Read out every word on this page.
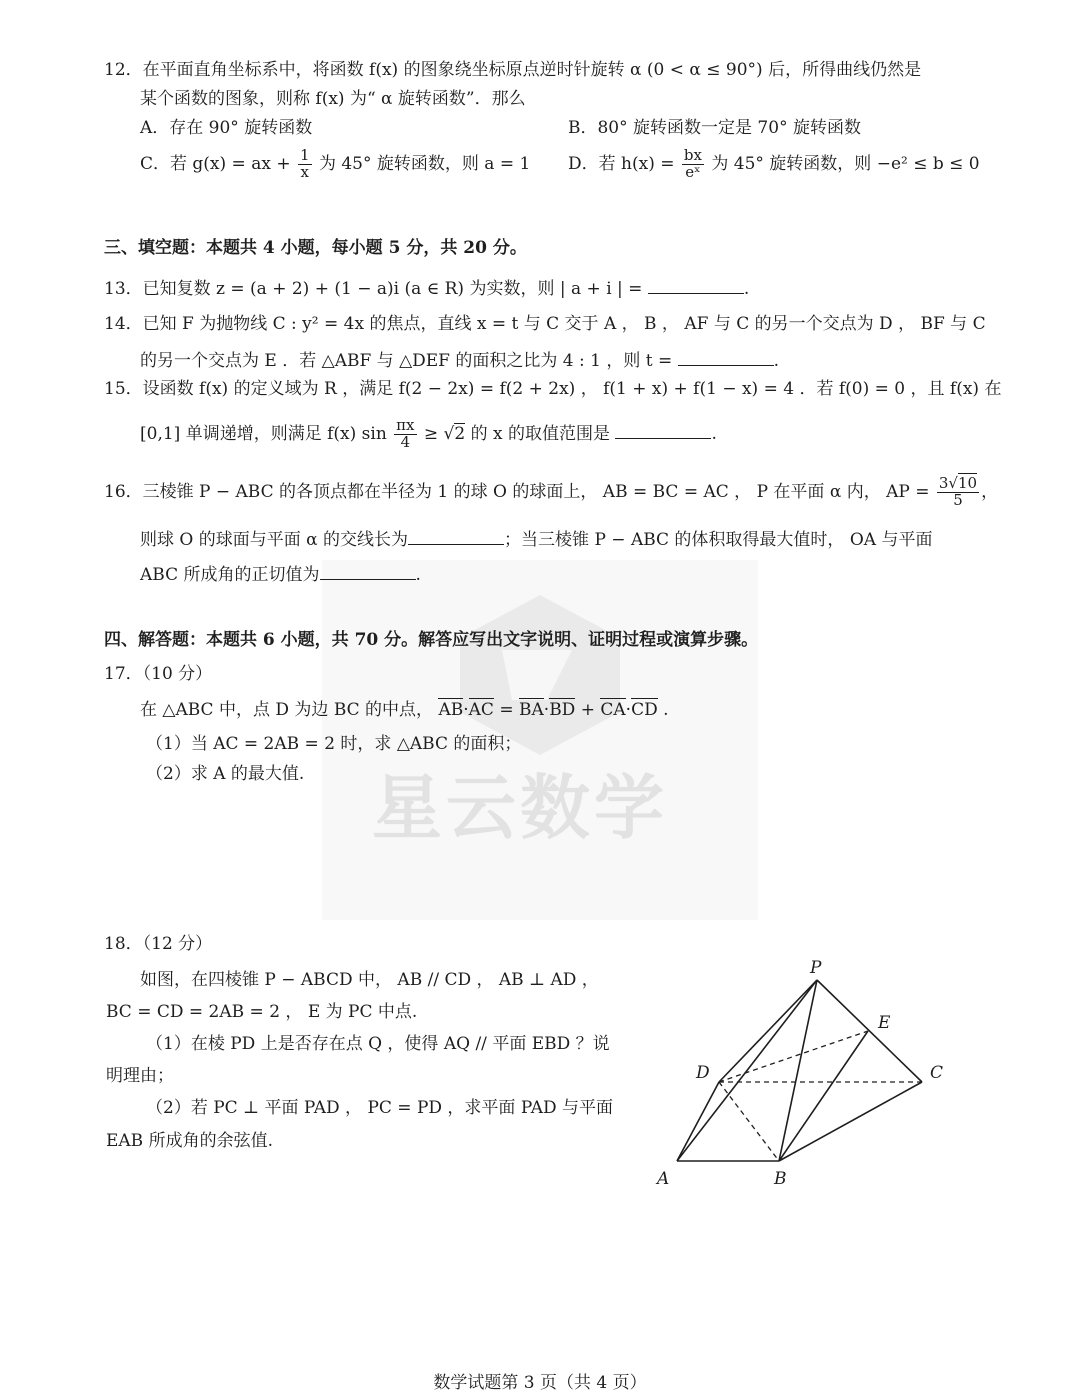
星云数学
12．在平面直角坐标系中，将函数 f(x) 的图象绕坐标原点逆时针旋转 α (0 < α ≤ 90°) 后，所得曲线仍然是
某个函数的图象，则称 f(x) 为“ α 旋转函数”．那么
A．存在 90° 旋转函数	B．80° 旋转函数一定是 70° 旋转函数
C．若 g(x) = ax + $\frac{1}{x}$ 为 45° 旋转函数，则 a = 1 D．若 $h(x) = \frac{bx}{\text{eˣ}}$ 为 45° 旋转函数，则 −e² ≤ b ≤ 0
三、填空题：本题共 4 小题，每小题 5 分，共 20 分。
13．已知复数 z = (a + 2) + (1 − a)i (a ∈ R) 为实数，则 | a + i | =	.
14．已知 F 为抛物线 C : y² = 4x 的焦点，直线 x = t 与 C 交于 A ， B ， AF 与 C 的另一个交点为 D ， BF 与 C
的另一个交点为 E ．若 △ABF 与 △DEF 的面积之比为 4 : 1 ，则 t =	.
15．设函数 f(x) 的定义域为 R ，满足 f(2 − 2x) = f(2 + 2x) ， f(1 + x) + f(1 − x) = 4 ．若 f(0) = 0 ，且 f(x) 在
[0,1] 单调递增，则满足 f(x) $\sin \frac{\pi x}{4} \ge √2$ 的 x 的取值范围是	.
16．三棱锥 P − ABC 的各顶点都在半径为 1 的球 O 的球面上， AB = BC = AC ， P 在平面 α 内， AP = $\frac{3√10}{5}$ ，
则球 O 的球面与平面 α 的交线长为	；当三棱锥 P − ABC 的体积取得最大值时， OA 与平面
ABC 所成角的正切值为	.
四、解答题：本题共 6 小题，共 70 分。解答应写出文字说明、证明过程或演算步骤。
17．（10 分）
在 △ABC 中，点 D 为边 BC 的中点， AB·AC = BA·BD + CA·CD .
（1）当 AC = 2AB = 2 时，求 △ABC 的面积；
（2）求 A 的最大值.
18．（12 分）
如图，在四棱锥 P − ABCD 中， AB // CD ， AB ⊥ AD ，
BC = CD = 2AB = 2 ， E 为 PC 中点.
（1）在棱 PD 上是否存在点 Q ，使得 AQ // 平面 EBD ？说
明理由；
（2）若 PC ⊥ 平面 PAD ， PC = PD ，求平面 PAD 与平面
EAB 所成角的余弦值.
P
E
D	C
A	B
数学试题第 3 页（共 4 页）
